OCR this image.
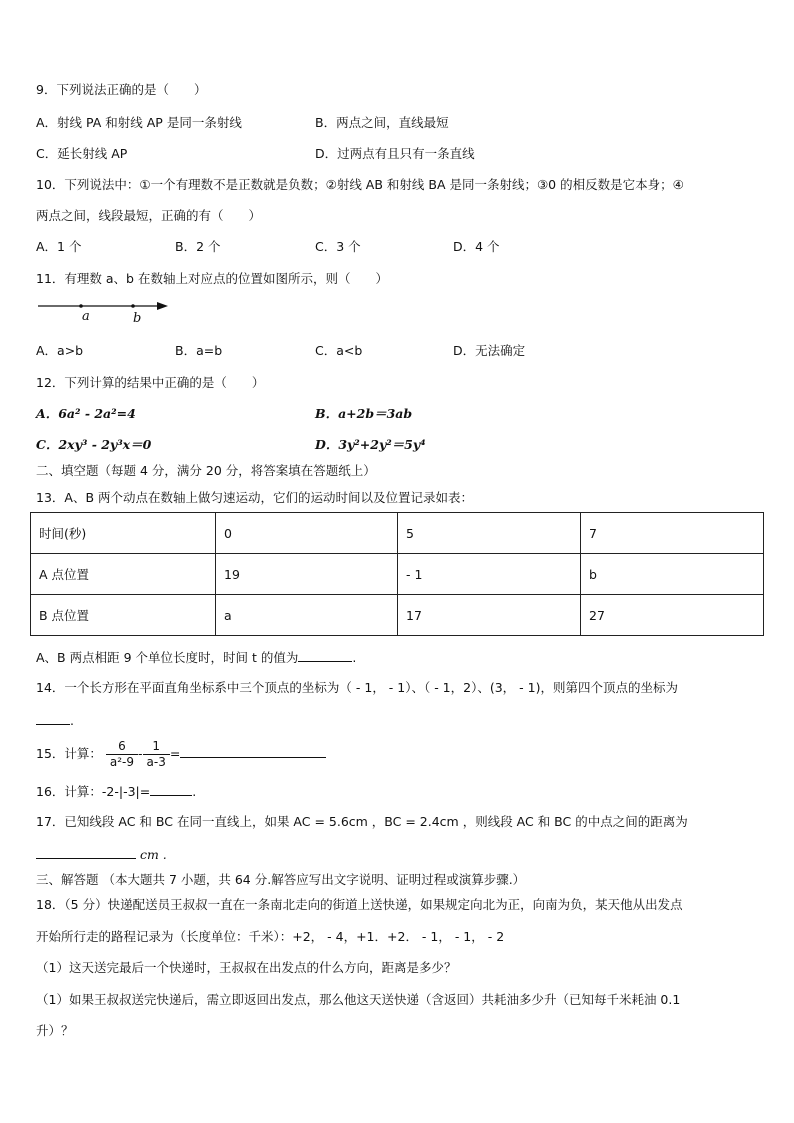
9．下列说法正确的是（　　）
A．射线 PA 和射线 AP 是同一条射线	B．两点之间，直线最短
C．延长射线 AP	D．过两点有且只有一条直线
10．下列说法中：①一个有理数不是正数就是负数；②射线 AB 和射线 BA 是同一条射线；③0 的相反数是它本身；④
两点之间，线段最短，正确的有（　　）
A．1 个	B．2 个	C．3 个	D．4 个
11．有理数 a、b 在数轴上对应点的位置如图所示，则（　　）
a	b
A．a>b	B．a=b	C．a<b	D．无法确定
12．下列计算的结果中正确的是（　　）
A．6a² - 2a²=4	B．a+2b＝3ab
C．2xy³ - 2y³x＝0	D．3y²+2y²＝5y⁴
二、填空题（每题 4 分，满分 20 分，将答案填在答题纸上）
13．A、B 两个动点在数轴上做匀速运动，它们的运动时间以及位置记录如表：
时间(秒)	0	5	7
A 点位置	19	- 1	b
B 点位置	a	17	27
A、B 两点相距 9 个单位长度时，时间 t 的值为	.
14．一个长方形在平面直角坐标系中三个顶点的坐标为（ - 1， - 1）、（ - 1，2）、(3， - 1)，则第四个顶点的坐标为
.
15．计算： $\frac{6}{\text{a²-9}} - \frac{1}{a-3}$ =
16．计算：-2-|-3|=	.
17．已知线段 AC 和 BC 在同一直线上，如果 AC = 5.6cm ，BC = 2.4cm ，则线段 AC 和 BC 的中点之间的距离为
cm .
三、解答题 （本大题共 7 小题，共 64 分.解答应写出文字说明、证明过程或演算步骤.）
18．（5 分）快递配送员王叔叔一直在一条南北走向的街道上送快递，如果规定向北为正，向南为负，某天他从出发点
开始所行走的路程记录为（长度单位：千米）：+2， - 4，+1．+2． - 1， - 1， - 2
（1）这天送完最后一个快递时，王叔叔在出发点的什么方向，距离是多少？
（1）如果王叔叔送完快递后，需立即返回出发点，那么他这天送快递（含返回）共耗油多少升（已知每千米耗油 0.1
升）？
